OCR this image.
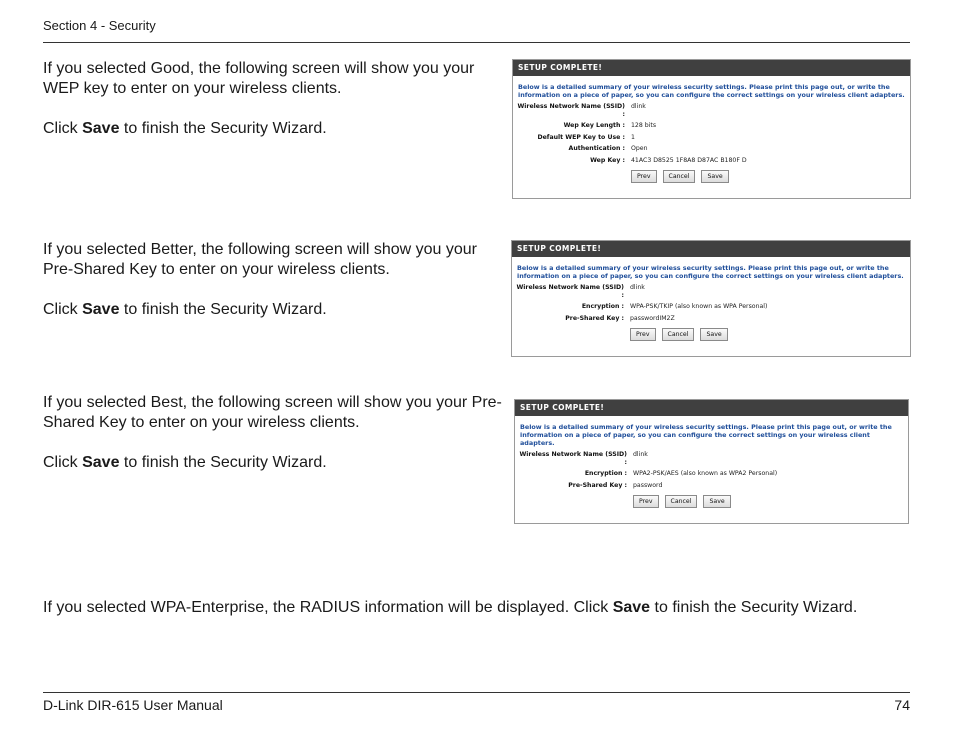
Section 4 - Security

If you selected Good, the following screen will show you your WEP key to enter on your wireless clients.

Click Save to finish the Security Wizard.

SETUP COMPLETE!
Below is a detailed summary of your wireless security settings. Please print this page out, or write the information on a piece of paper, so you can configure the correct settings on your wireless client adapters.
Wireless Network Name (SSID) :
dlink
Wep Key Length : 128 bits
Default WEP Key to Use : 1
Authentication : Open
Wep Key : 41AC3 D8525 1F8A8 D87AC B180F D
Prev	Cancel	Save

If you selected Better, the following screen will show you your Pre-Shared Key to enter on your wireless clients.

Click Save to finish the Security Wizard.

SETUP COMPLETE!
Below is a detailed summary of your wireless security settings. Please print this page out, or write the information on a piece of paper, so you can configure the correct settings on your wireless client adapters.
Wireless Network Name (SSID) :
dlink
Encryption : WPA-PSK/TKIP (also known as WPA Personal)
Pre-Shared Key : passwordIM2Z
Prev	Cancel	Save

If you selected Best, the following screen will show you your Pre-Shared Key to enter on your wireless clients.

Click Save to finish the Security Wizard.

SETUP COMPLETE!
Below is a detailed summary of your wireless security settings. Please print this page out, or write the information on a piece of paper, so you can configure the correct settings on your wireless client adapters.
Wireless Network Name (SSID) :
dlink
Encryption : WPA2-PSK/AES (also known as WPA2 Personal)
Pre-Shared Key : password
Prev	Cancel	Save
If you selected WPA-Enterprise, the RADIUS information will be displayed. Click Save to finish the Security Wizard.
D-Link DIR-615 User Manual	74
